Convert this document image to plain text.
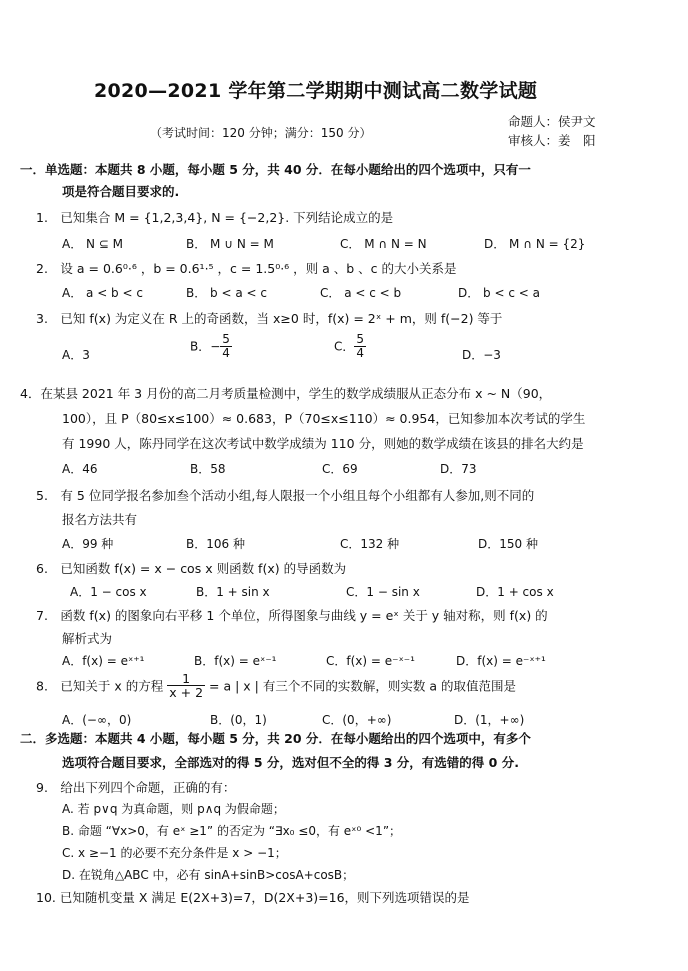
2020—2021 学年第二学期期中测试高二数学试题
命题人：侯尹文
审核人：姜　阳
（考试时间：120 分钟；满分：150 分）
一．单选题：本题共 8 小题，每小题 5 分，共 40 分．在每小题给出的四个选项中，只有一
项是符合题目要求的.
1.　已知集合 M = {1,2,3,4}, N = {−2,2}. 下列结论成立的是
A． N ⊆ M	B． M ∪ N = M	C． M ∩ N = N	D． M ∩ N = {2}
2.　设 a = 0.6⁰·⁶ ，b = 0.6¹·⁵ ，c = 1.5⁰·⁶ ，则 a 、b 、c 的大小关系是
A． a < b < c	B． b < a < c	C． a < c < b	D． b < c < a
3.　已知 f(x) 为定义在 R 上的奇函数，当 x≥0 时，f(x) = 2ˣ + m，则 f(−2) 等于
A．3
B．− $\frac{5}{4}$	C． $\frac{5}{4}$	D．−3
4．在某县 2021 年 3 月份的高二月考质量检测中，学生的数学成绩服从正态分布 x ~ N（90，
100），且 P（80≤x≤100）≈ 0.683，P（70≤x≤110）≈ 0.954，已知参加本次考试的学生
有 1990 人，陈丹同学在这次考试中数学成绩为 110 分，则她的数学成绩在该县的排名大约是
A．46	B．58	C．69	D．73
5.　有 5 位同学报名参加叁个活动小组,每人限报一个小组且每个小组都有人参加,则不同的
报名方法共有
A．99 种	B．106 种	C．132 种	D．150 种
6.　已知函数 f(x) = x − cos x 则函数 f(x) 的导函数为
A．1 − cos x	B．1 + sin x	C．1 − sin x	D．1 + cos x
7.　函数 f(x) 的图象向右平移 1 个单位，所得图象与曲线 y = eˣ 关于 y 轴对称，则 f(x) 的
解析式为
A．f(x) = eˣ⁺¹	B．f(x) = eˣ⁻¹	C．f(x) = e⁻ˣ⁻¹	D．f(x) = e⁻ˣ⁺¹
8.　已知关于 x 的方程 $\frac{1}{x + 2} = a$ | x | 有三个不同的实数解，则实数 a 的取值范围是
A．(−∞，0)	B．(0，1)	C．(0，+∞)	D．(1，+∞)
二．多选题：本题共 4 小题，每小题 5 分，共 20 分．在每小题给出的四个选项中，有多个
选项符合题目要求，全部选对的得 5 分，选对但不全的得 3 分，有选错的得 0 分.
9.　给出下列四个命题，正确的有：
A. 若 p∨q 为真命题，则 p∧q 为假命题；
B. 命题 “∀x>0，有 eˣ ≥1” 的否定为 “∃x₀ ≤0，有 eˣ⁰ <1”；
C. x ≥−1 的必要不充分条件是 x > −1；
D. 在锐角△ABC 中，必有 sinA+sinB>cosA+cosB；
10. 已知随机变量 X 满足 E(2X+3)=7，D(2X+3)=16，则下列选项错误的是
